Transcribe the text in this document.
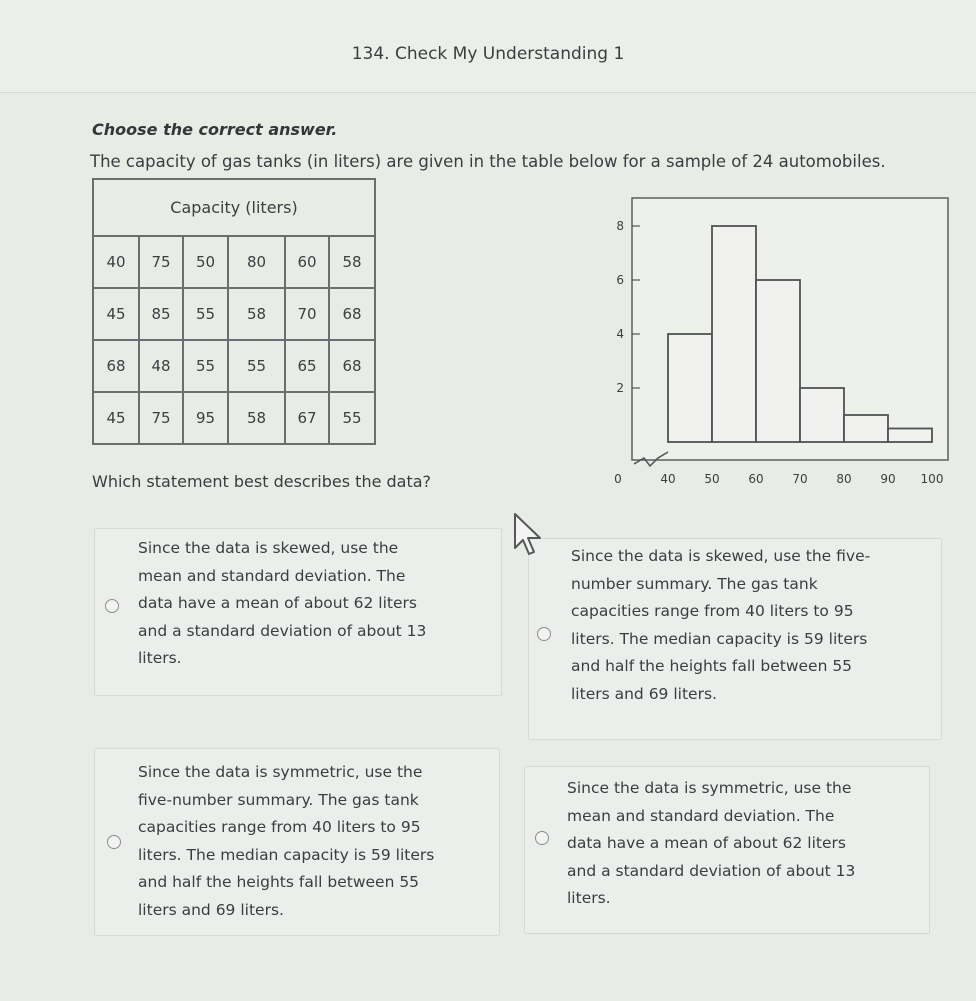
134. Check My Understanding 1
Choose the correct answer.
The capacity of gas tanks (in liters) are given in the table below for a sample of 24 automobiles.
Capacity (liters)					
40	75	50	80	60	58
45	85	55	58	70	68
68	48	55	55	65	68
45	75	95	58	67	55
2
4
6
8
0	40 50 60 70 80 90 100
Which statement best describes the data?
Since the data is skewed, use the
mean and standard deviation. The
data have a mean of about 62 liters
and a standard deviation of about 13
liters.
Since the data is skewed, use the five-
number summary. The gas tank
capacities range from 40 liters to 95
liters. The median capacity is 59 liters
and half the heights fall between 55
liters and 69 liters.
Since the data is symmetric, use the
five-number summary. The gas tank
capacities range from 40 liters to 95
liters. The median capacity is 59 liters
and half the heights fall between 55
liters and 69 liters.
Since the data is symmetric, use the
mean and standard deviation. The
data have a mean of about 62 liters
and a standard deviation of about 13
liters.
